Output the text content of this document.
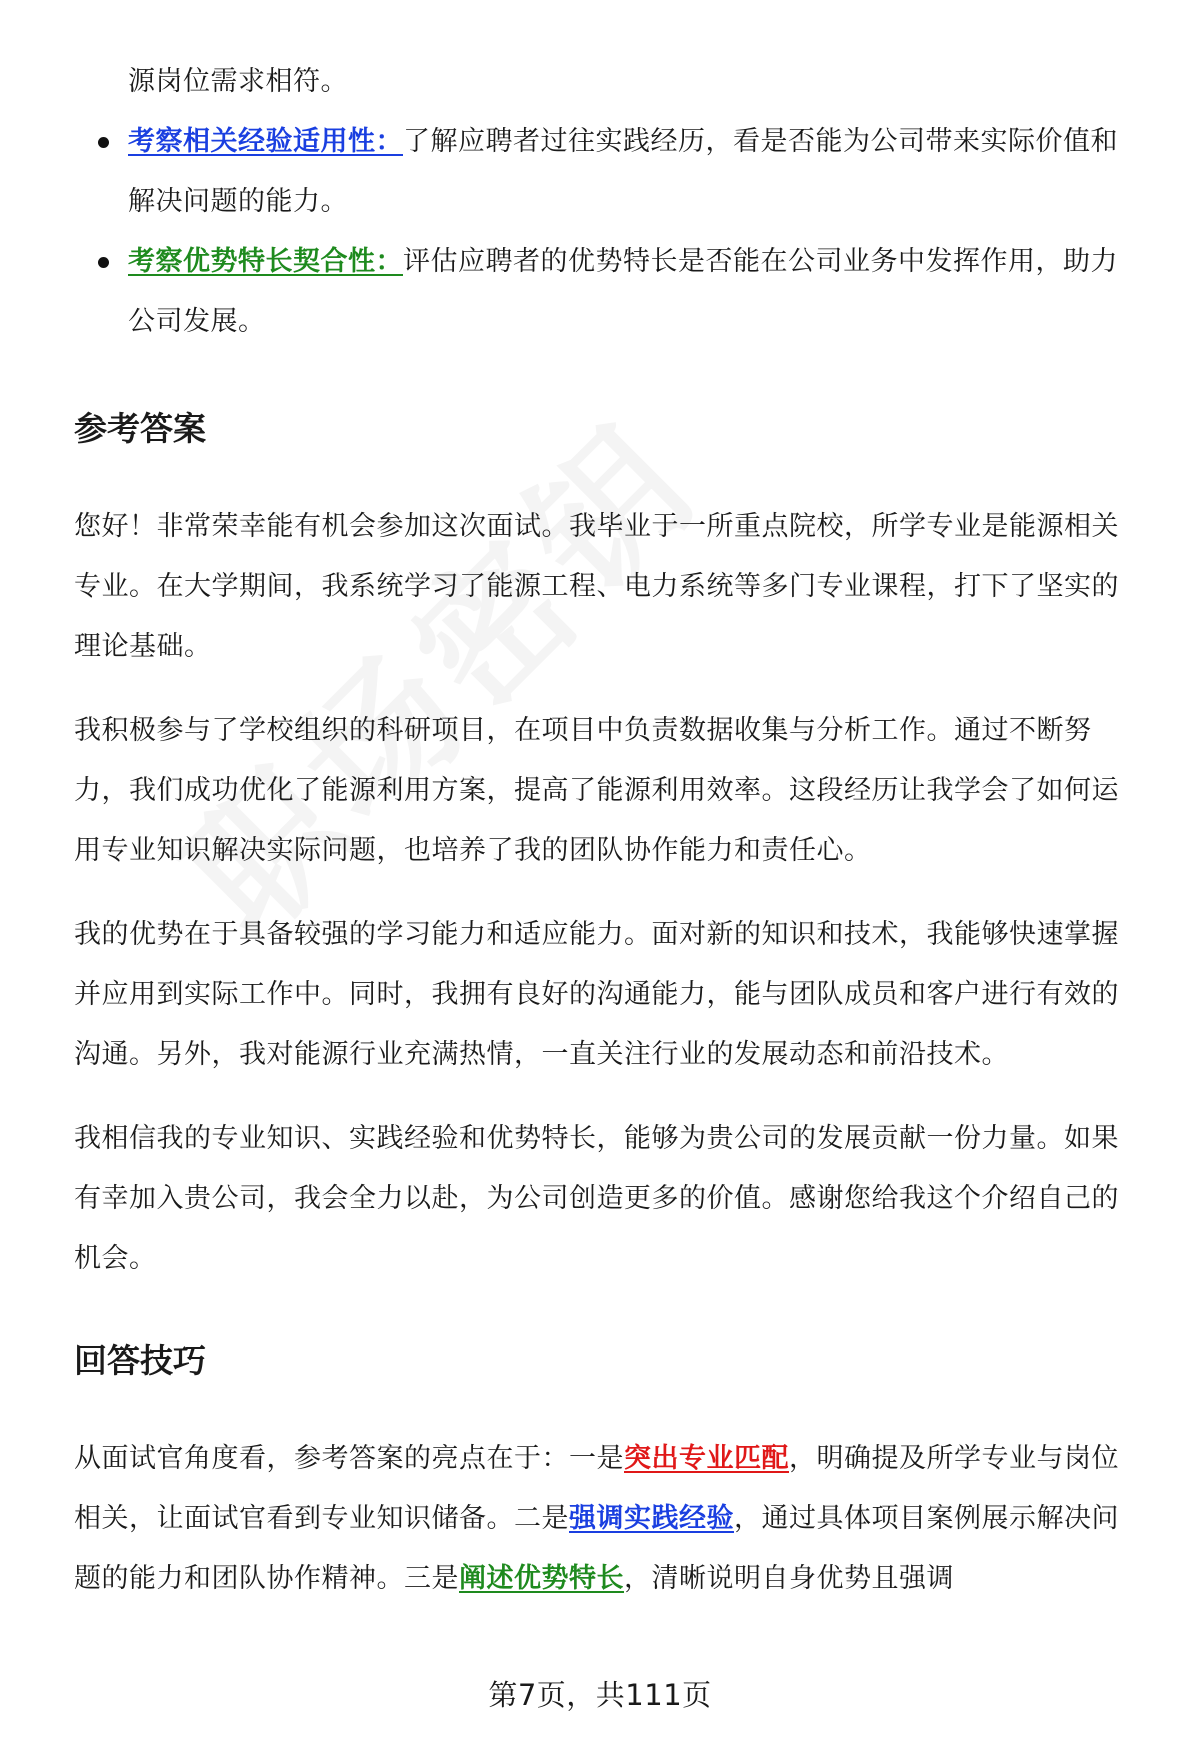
源岗位需求相符。

考察相关经验适用性：了解应聘者过往实践经历，看是否能为公司带来实际价值和解决问题的能力。
考察优势特长契合性：评估应聘者的优势特长是否能在公司业务中发挥作用，助力公司发展。
参考答案

您好！非常荣幸能有机会参加这次面试。我毕业于一所重点院校，所学专业是能源相关专业。在大学期间，我系统学习了能源工程、电力系统等多门专业课程，打下了坚实的理论基础。

我积极参与了学校组织的科研项目，在项目中负责数据收集与分析工作。通过不断努力，我们成功优化了能源利用方案，提高了能源利用效率。这段经历让我学会了如何运用专业知识解决实际问题，也培养了我的团队协作能力和责任心。

我的优势在于具备较强的学习能力和适应能力。面对新的知识和技术，我能够快速掌握并应用到实际工作中。同时，我拥有良好的沟通能力，能与团队成员和客户进行有效的沟通。另外，我对能源行业充满热情，一直关注行业的发展动态和前沿技术。

我相信我的专业知识、实践经验和优势特长，能够为贵公司的发展贡献一份力量。如果有幸加入贵公司，我会全力以赴，为公司创造更多的价值。感谢您给我这个介绍自己的机会。

回答技巧

从面试官角度看，参考答案的亮点在于：一是突出专业匹配，明确提及所学专业与岗位相关，让面试官看到专业知识储备。二是强调实践经验，通过具体项目案例展示解决问题的能力和团队协作精神。三是阐述优势特长，清晰说明自身优势且强调

第7页，共111页
